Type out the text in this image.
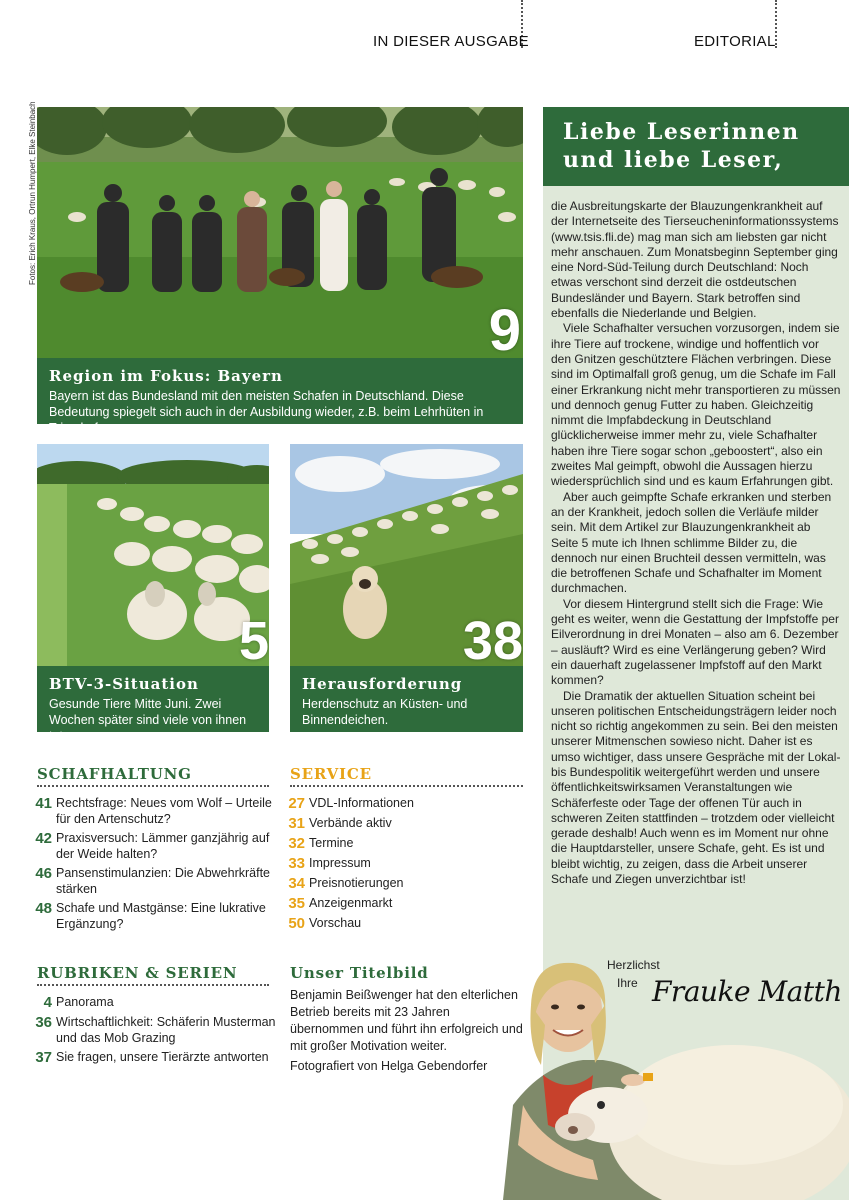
IN DIESER AUSGABE	EDITORIAL
Fotos: Erich Kraus, Ortrun Humpert, Elke Steinbach
9
Region im Fokus: Bayern
Bayern ist das Bundesland mit den meisten Schafen in Deutschland. Diese Bedeutung spiegelt sich auch in der Ausbildung wieder, z.B. beim Lehrhüten in Triesdorf.
5
BTV-3-Situation
Gesunde Tiere Mitte Juni. Zwei Wochen später sind viele von ihnen tot.
38
Herausforderung
Herdenschutz an Küsten- und Binnendeichen.
SCHAFHALTUNG
41 Rechtsfrage: Neues vom Wolf – Urteile für den Artenschutz?
42 Praxisversuch: Lämmer ganzjährig auf der Weide halten?
46 Pansenstimulanzien: Die Abwehrkräfte stärken
48 Schafe und Mastgänse: Eine lukrative Ergänzung?
SERVICE
27 VDL-Informationen
31 Verbände aktiv
32 Termine
33 Impressum
34 Preisnotierungen
35 Anzeigenmarkt
50 Vorschau
RUBRIKEN & SERIEN
4 Panorama
36 Wirtschaftlichkeit: Schäferin Musterman und das Mob Grazing
37 Sie fragen, unsere Tierärzte antworten
Unser Titelbild
Benjamin Beißwenger hat den elterlichen Betrieb bereits mit 23 Jahren übernommen und führt ihn erfolgreich und mit großer Motivation weiter.
Fotografiert von Helga Gebendorfer
Liebe Leserinnen
und liebe Leser,

die Ausbreitungskarte der Blauzungenkrankheit auf der Internetseite des Tierseucheninformationssystems (www.tsis.fli.de) mag man sich am liebsten gar nicht mehr anschauen. Zum Monatsbeginn September ging eine Nord-Süd-Teilung durch Deutschland: Noch etwas verschont sind derzeit die ostdeutschen Bundesländer und Bayern. Stark betroffen sind ebenfalls die Niederlande und Belgien.

Viele Schafhalter versuchen vorzusorgen, indem sie ihre Tiere auf trockene, windige und hoffentlich vor den Gnitzen geschütztere Flächen verbringen. Diese sind im Optimalfall groß genug, um die Schafe im Fall einer Erkrankung nicht mehr transportieren zu müssen und dennoch genug Futter zu haben. Gleichzeitig nimmt die Impfabdeckung in Deutschland glücklicherweise immer mehr zu, viele Schafhalter haben ihre Tiere sogar schon „geboostert“, also ein zweites Mal geimpft, obwohl die Aussagen hierzu wiedersprüchlich sind und es kaum Erfahrungen gibt.

Aber auch geimpfte Schafe erkranken und sterben an der Krankheit, jedoch sollen die Verläufe milder sein. Mit dem Artikel zur Blauzungenkrankheit ab Seite 5 mute ich Ihnen schlimme Bilder zu, die dennoch nur einen Bruchteil dessen vermitteln, was die betroffenen Schafe und Schafhalter im Moment durchmachen.

Vor diesem Hintergrund stellt sich die Frage: Wie geht es weiter, wenn die Gestattung der Impfstoffe per Eilverordnung in drei Monaten – also am 6. Dezember – ausläuft? Wird es eine Verlängerung geben? Wird ein dauerhaft zugelassener Impfstoff auf den Markt kommen?

Die Dramatik der aktuellen Situation scheint bei unseren politischen Entscheidungsträgern leider noch nicht so richtig angekommen zu sein. Bei den meisten unserer Mitmenschen sowieso nicht. Daher ist es umso wichtiger, dass unsere Gespräche mit der Lokal- bis Bundespolitik weitergeführt werden und unsere öffentlichkeitswirksamen Veranstaltungen wie Schäferfeste oder Tage der offenen Tür auch in schweren Zeiten stattfinden – trotzdem oder vielleicht gerade deshalb! Auch wenn es im Moment nur ohne die Hauptdarsteller, unsere Schafe, geht. Es ist und bleibt wichtig, zu zeigen, dass die Arbeit unserer Schafe und Ziegen unverzichtbar ist!

Herzlichst
Ihre Frauke Matth
